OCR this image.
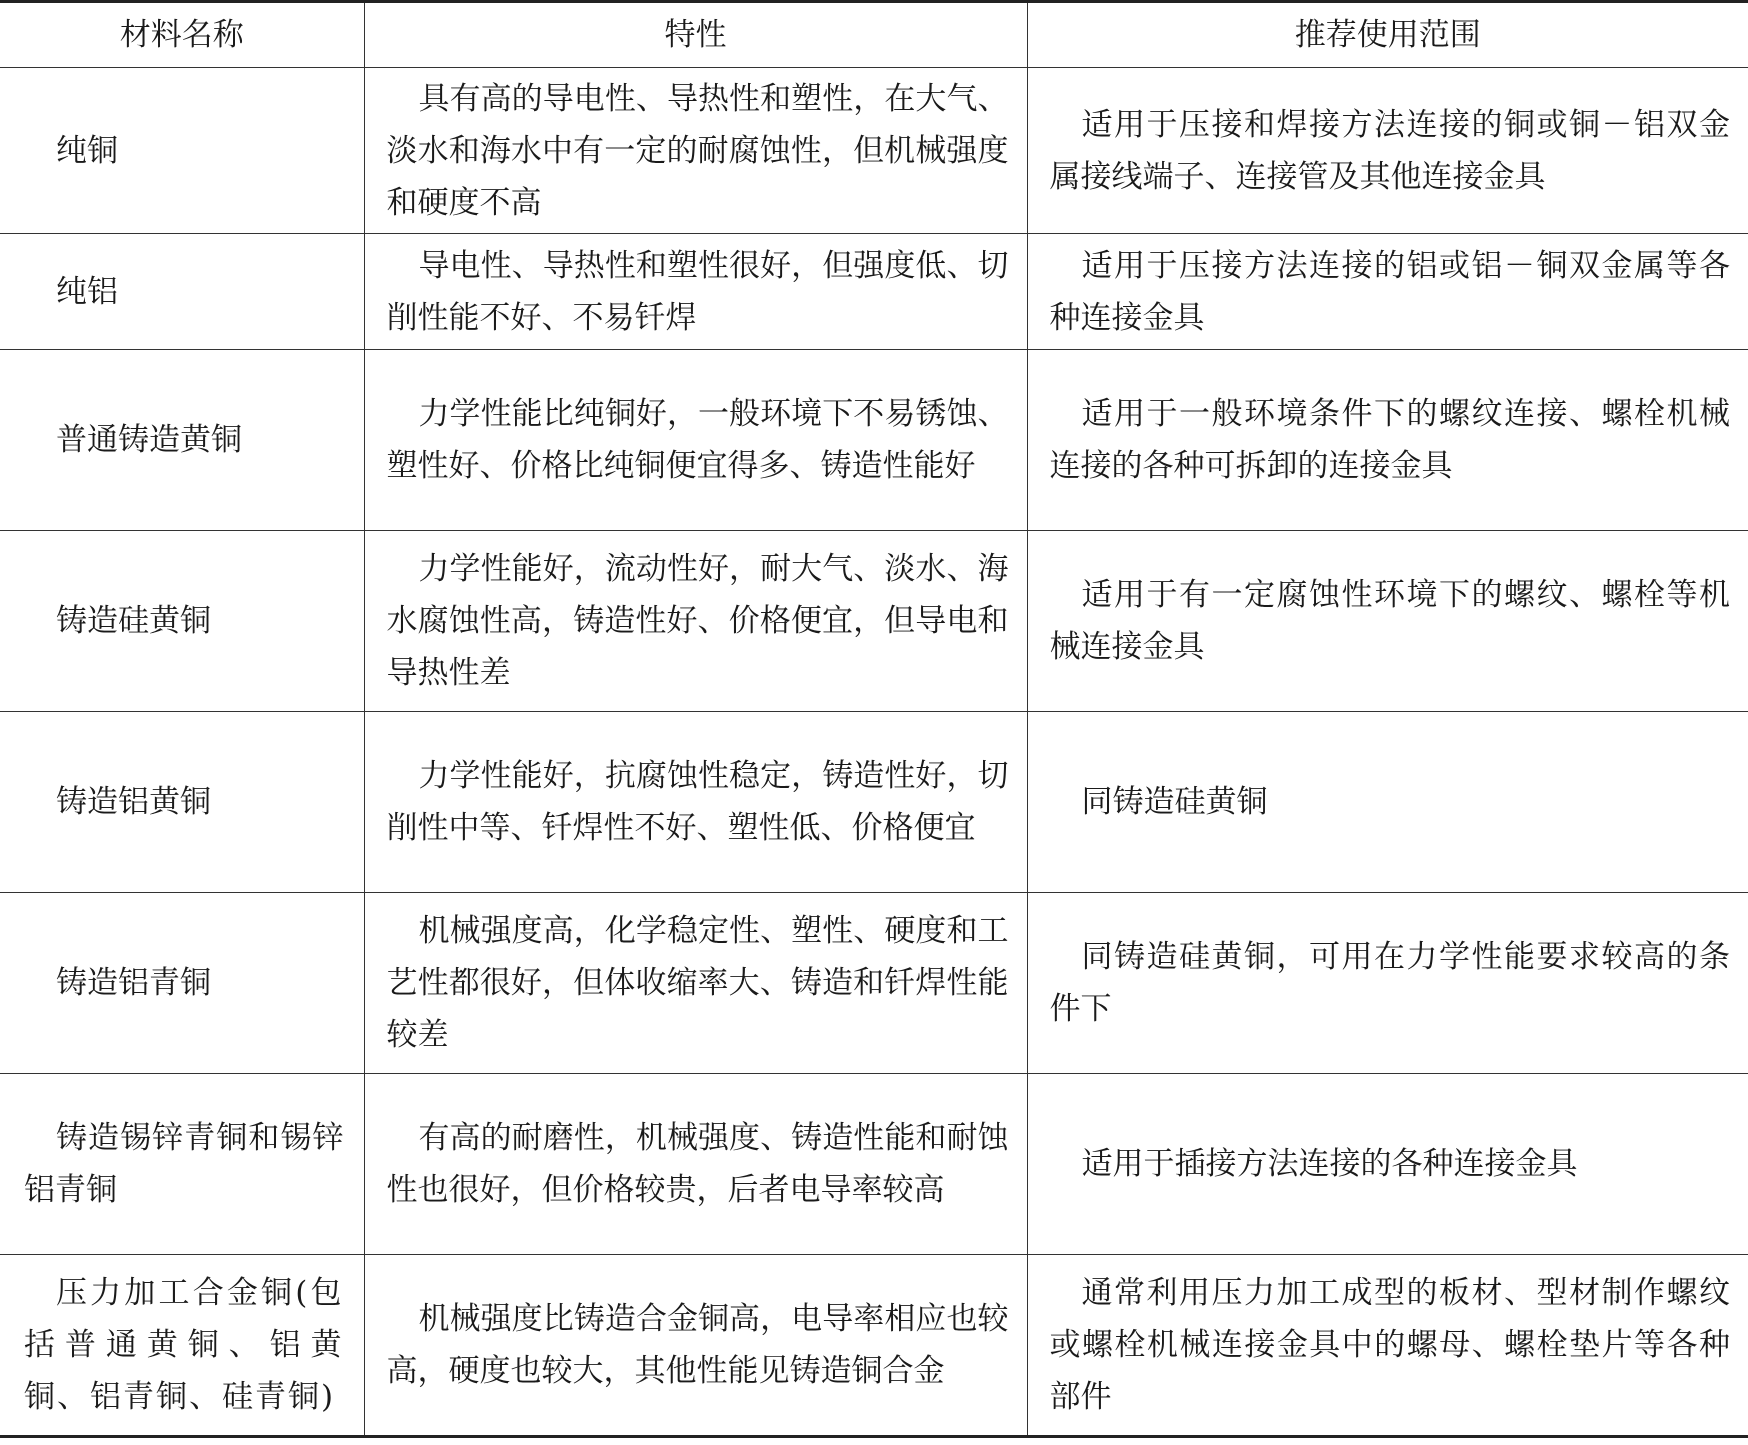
材料名称	特性	推荐使用范围
纯铜	具有高的导电性、导热性和塑性，在大气、淡水和海水中有一定的耐腐蚀性，但机械强度和硬度不高	适用于压接和焊接方法连接的铜或铜－铝双金属接线端子、连接管及其他连接金具
纯铝	导电性、导热性和塑性很好，但强度低、切削性能不好、不易钎焊	适用于压接方法连接的铝或铝－铜双金属等各种连接金具
普通铸造黄铜	力学性能比纯铜好，一般环境下不易锈蚀、塑性好、价格比纯铜便宜得多、铸造性能好	适用于一般环境条件下的螺纹连接、螺栓机械连接的各种可拆卸的连接金具
铸造硅黄铜	力学性能好，流动性好，耐大气、淡水、海水腐蚀性高，铸造性好、价格便宜，但导电和导热性差	适用于有一定腐蚀性环境下的螺纹、螺栓等机械连接金具
铸造铝黄铜	力学性能好，抗腐蚀性稳定，铸造性好，切削性中等、钎焊性不好、塑性低、价格便宜	同铸造硅黄铜
铸造铝青铜	机械强度高，化学稳定性、塑性、硬度和工艺性都很好，但体收缩率大、铸造和钎焊性能较差	同铸造硅黄铜，可用在力学性能要求较高的条件下
铸造锡锌青铜和锡锌铝青铜	有高的耐磨性，机械强度、铸造性能和耐蚀性也很好，但价格较贵，后者电导率较高	适用于插接方法连接的各种连接金具
压力加工合金铜(包括普通黄铜、铝黄铜、铝青铜、硅青铜)	机械强度比铸造合金铜高，电导率相应也较高，硬度也较大，其他性能见铸造铜合金	通常利用压力加工成型的板材、型材制作螺纹或螺栓机械连接金具中的螺母、螺栓垫片等各种部件
